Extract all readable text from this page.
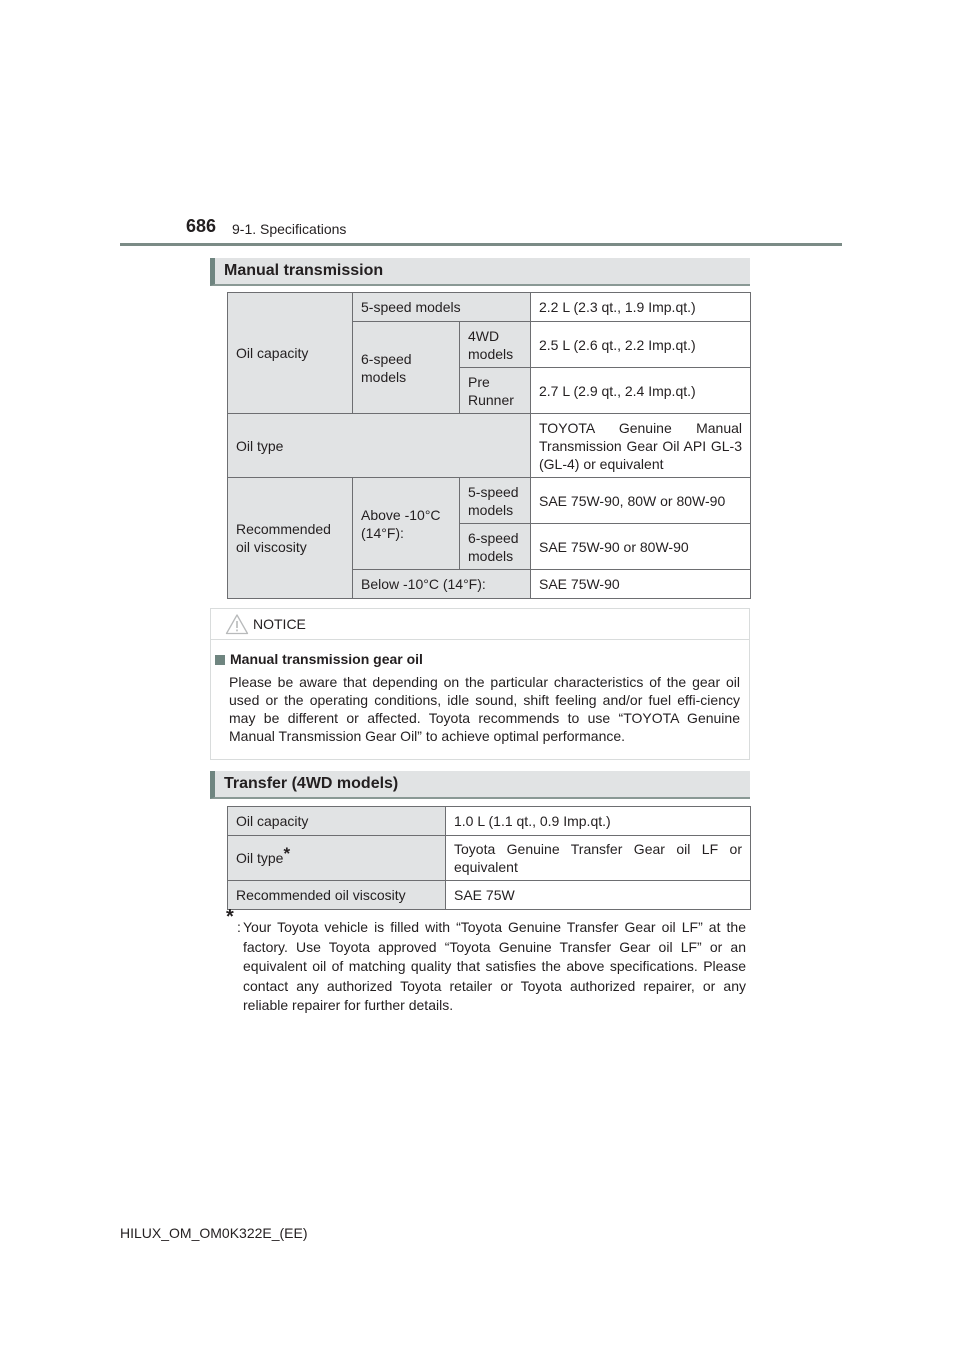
686 9-1. Specifications
Manual transmission
Oil capacity	5-speed models		2.2 L (2.3 qt., 1.9 Imp.qt.)
	6-speed models	4WD models	2.5 L (2.6 qt., 2.2 Imp.qt.)
		Pre Runner	2.7 L (2.9 qt., 2.4 Imp.qt.)
Oil type			TOYOTA Genuine Manual Transmission Gear Oil API GL-3 (GL-4) or equivalent
Recommended oil viscosity	Above -10°C (14°F):	5-speed models	SAE 75W-90, 80W or 80W-90
		6-speed models	SAE 75W-90 or 80W-90
	Below -10°C (14°F):		SAE 75W-90
NOTICE
Manual transmission gear oil
Please be aware that depending on the particular characteristics of the gear oil used or the operating conditions, idle sound, shift feeling and/or fuel effi-ciency may be different or affected. Toyota recommends to use “TOYOTA Genuine Manual Transmission Gear Oil” to achieve optimal performance.
Transfer (4WD models)
Oil capacity	1.0 L (1.1 qt., 0.9 Imp.qt.)
Oil type*	Toyota Genuine Transfer Gear oil LF or equivalent
Recommended oil viscosity	SAE 75W
* : Your Toyota vehicle is filled with “Toyota Genuine Transfer Gear oil LF” at the factory. Use Toyota approved “Toyota Genuine Transfer Gear oil LF” or an equivalent oil of matching quality that satisfies the above specifications. Please contact any authorized Toyota retailer or Toyota authorized repairer, or any reliable repairer for further details.
HILUX_OM_OM0K322E_(EE)
